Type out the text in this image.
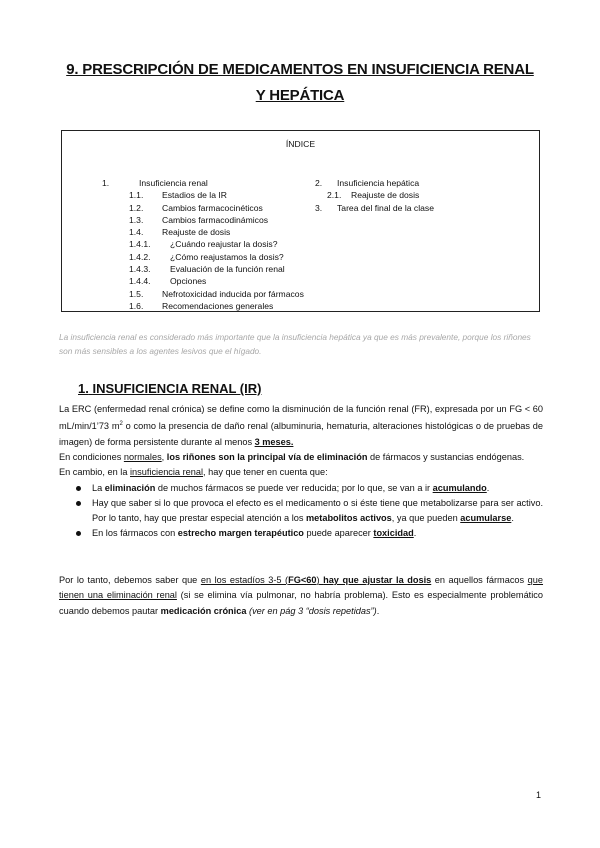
9. PRESCRIPCIÓN DE MEDICAMENTOS EN INSUFICIENCIA RENAL
Y HEPÁTICA
ÍNDICE
1.	Insuficiencia renal
1.1. Estadios de la IR
1.2. Cambios farmacocinéticos
1.3. Cambios farmacodinámicos
1.4. Reajuste de dosis
1.4.1. ¿Cuándo reajustar la dosis?
1.4.2. ¿Cómo reajustamos la dosis?
1.4.3. Evaluación de la función renal
1.4.4. Opciones
1.5. Nefrotoxicidad inducida por fármacos
1.6. Recomendaciones generales
2. Insuficiencia hepática
2.1. Reajuste de dosis
3. Tarea del final de la clase
La insuficiencia renal es considerado más importante que la insuficiencia hepática ya que es más prevalente, porque los riñones son más sensibles a los agentes lesivos que el hígado.
1. INSUFICIENCIA RENAL (IR)

La ERC (enfermedad renal crónica) se define como la disminución de la función renal (FR), expresada por un FG < 60 mL/min/1’73 $m^2$ o como la presencia de daño renal (albuminuria, hematuria, alteraciones histológicas o de pruebas de imagen) de forma persistente durante al menos 3 meses.

En condiciones normales, los riñones son la principal vía de eliminación de fármacos y sustancias endógenas.

En cambio, en la insuficiencia renal, hay que tener en cuenta que:

La eliminación de muchos fármacos se puede ver reducida; por lo que, se van a ir acumulando.
Hay que saber si lo que provoca el efecto es el medicamento o si éste tiene que metabolizarse para ser activo. Por lo tanto, hay que prestar especial atención a los metabolitos activos, ya que pueden acumularse.
En los fármacos con estrecho margen terapéutico puede aparecer toxicidad.

Por lo tanto, debemos saber que en los estadíos 3-5 (FG<60) hay que ajustar la dosis en aquellos fármacos que tienen una eliminación renal (si se elimina vía pulmonar, no habría problema). Esto es especialmente problemático cuando debemos pautar medicación crónica (ver en pág 3 “dosis repetidas”).

1
